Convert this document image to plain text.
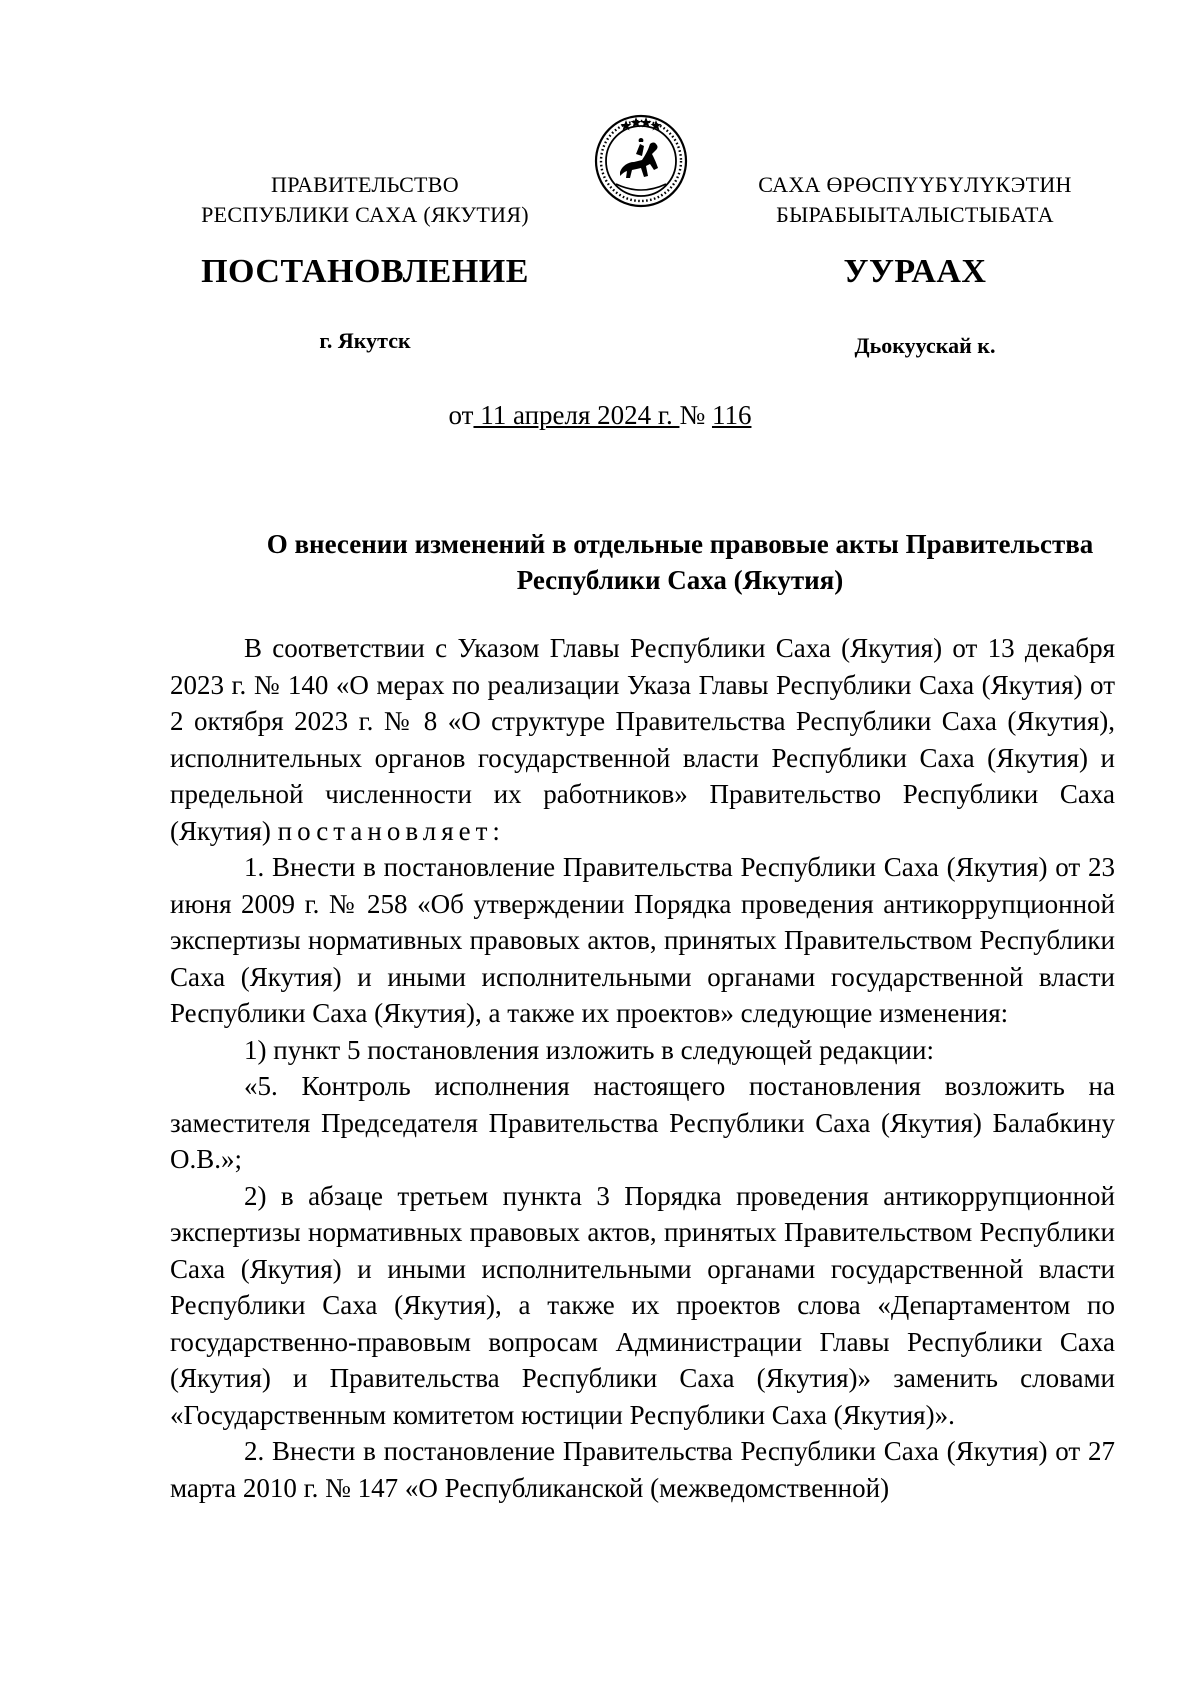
ПРАВИТЕЛЬСТВО
РЕСПУБЛИКИ САХА (ЯКУТИЯ)
САХА ӨРӨСПҮҮБҮЛҮКЭТИН
БЫРАБЫЫТАЛЫСТЫБАТА
ПОСТАНОВЛЕНИЕ	УУРААХ
г. Якутск	Дьокуускай к.
от 11 апреля 2024 г. № 116
О внесении изменений в отдельные правовые акты Правительства
Республики Саха (Якутия)

В соответствии с Указом Главы Республики Саха (Якутия) от 13 декабря 2023 г. № 140 «О мерах по реализации Указа Главы Республики Саха (Якутия) от 2 октября 2023 г. № 8 «О структуре Правительства Республики Саха (Якутия), исполнительных органов государственной власти Республики Саха (Якутия) и предельной численности их работников» Правительство Республики Саха (Якутия) постановляет:

1. Внести в постановление Правительства Республики Саха (Якутия) от 23 июня 2009 г. № 258 «Об утверждении Порядка проведения антикоррупционной экспертизы нормативных правовых актов, принятых Правительством Республики Саха (Якутия) и иными исполнительными органами государственной власти Республики Саха (Якутия), а также их проектов» следующие изменения:

1) пункт 5 постановления изложить в следующей редакции:

«5. Контроль исполнения настоящего постановления возложить на заместителя Председателя Правительства Республики Саха (Якутия) Балабкину О.В.»;

2) в абзаце третьем пункта 3 Порядка проведения антикоррупционной экспертизы нормативных правовых актов, принятых Правительством Республики Саха (Якутия) и иными исполнительными органами государственной власти Республики Саха (Якутия), а также их проектов слова «Департаментом по государственно-правовым вопросам Администрации Главы Республики Саха (Якутия) и Правительства Республики Саха (Якутия)» заменить словами «Государственным комитетом юстиции Республики Саха (Якутия)».

2. Внести в постановление Правительства Республики Саха (Якутия) от 27 марта 2010 г. № 147 «О Республиканской (межведомственной)
